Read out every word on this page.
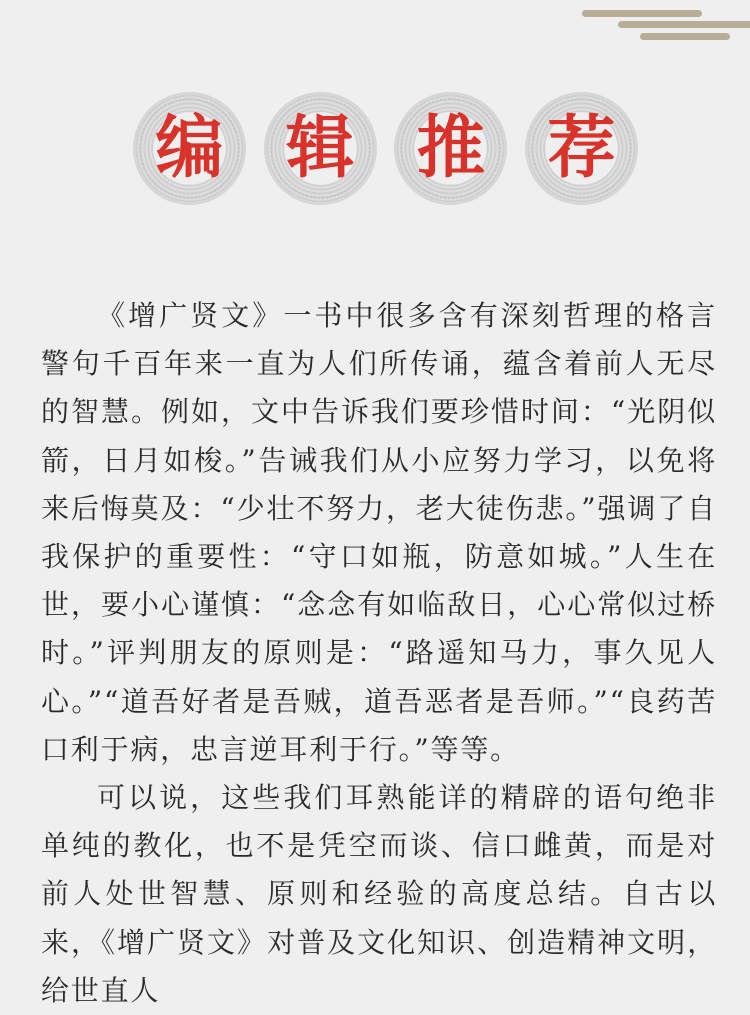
编 辑 推 荐

《增广贤文》一书中很多含有深刻哲理的格言警句千百年来一直为人们所传诵，蕴含着前人无尽的智慧。例如，文中告诉我们要珍惜时间：“光阴似箭，日月如梭。”告诫我们从小应努力学习，以免将来后悔莫及：“少壮不努力，老大徒伤悲。”强调了自我保护的重要性：“守口如瓶，防意如城。”人生在世，要小心谨慎：“念念有如临敌日，心心常似过桥时。”评判朋友的原则是：“路遥知马力，事久见人心。”“道吾好者是吾贼，道吾恶者是吾师。”“良药苦口利于病，忠言逆耳利于行。”等等。

可以说，这些我们耳熟能详的精辟的语句绝非单纯的教化，也不是凭空而谈、信口雌黄，而是对前人处世智慧、原则和经验的高度总结。自古以来，《增广贤文》对普及文化知识、创造精神文明，给世直人
